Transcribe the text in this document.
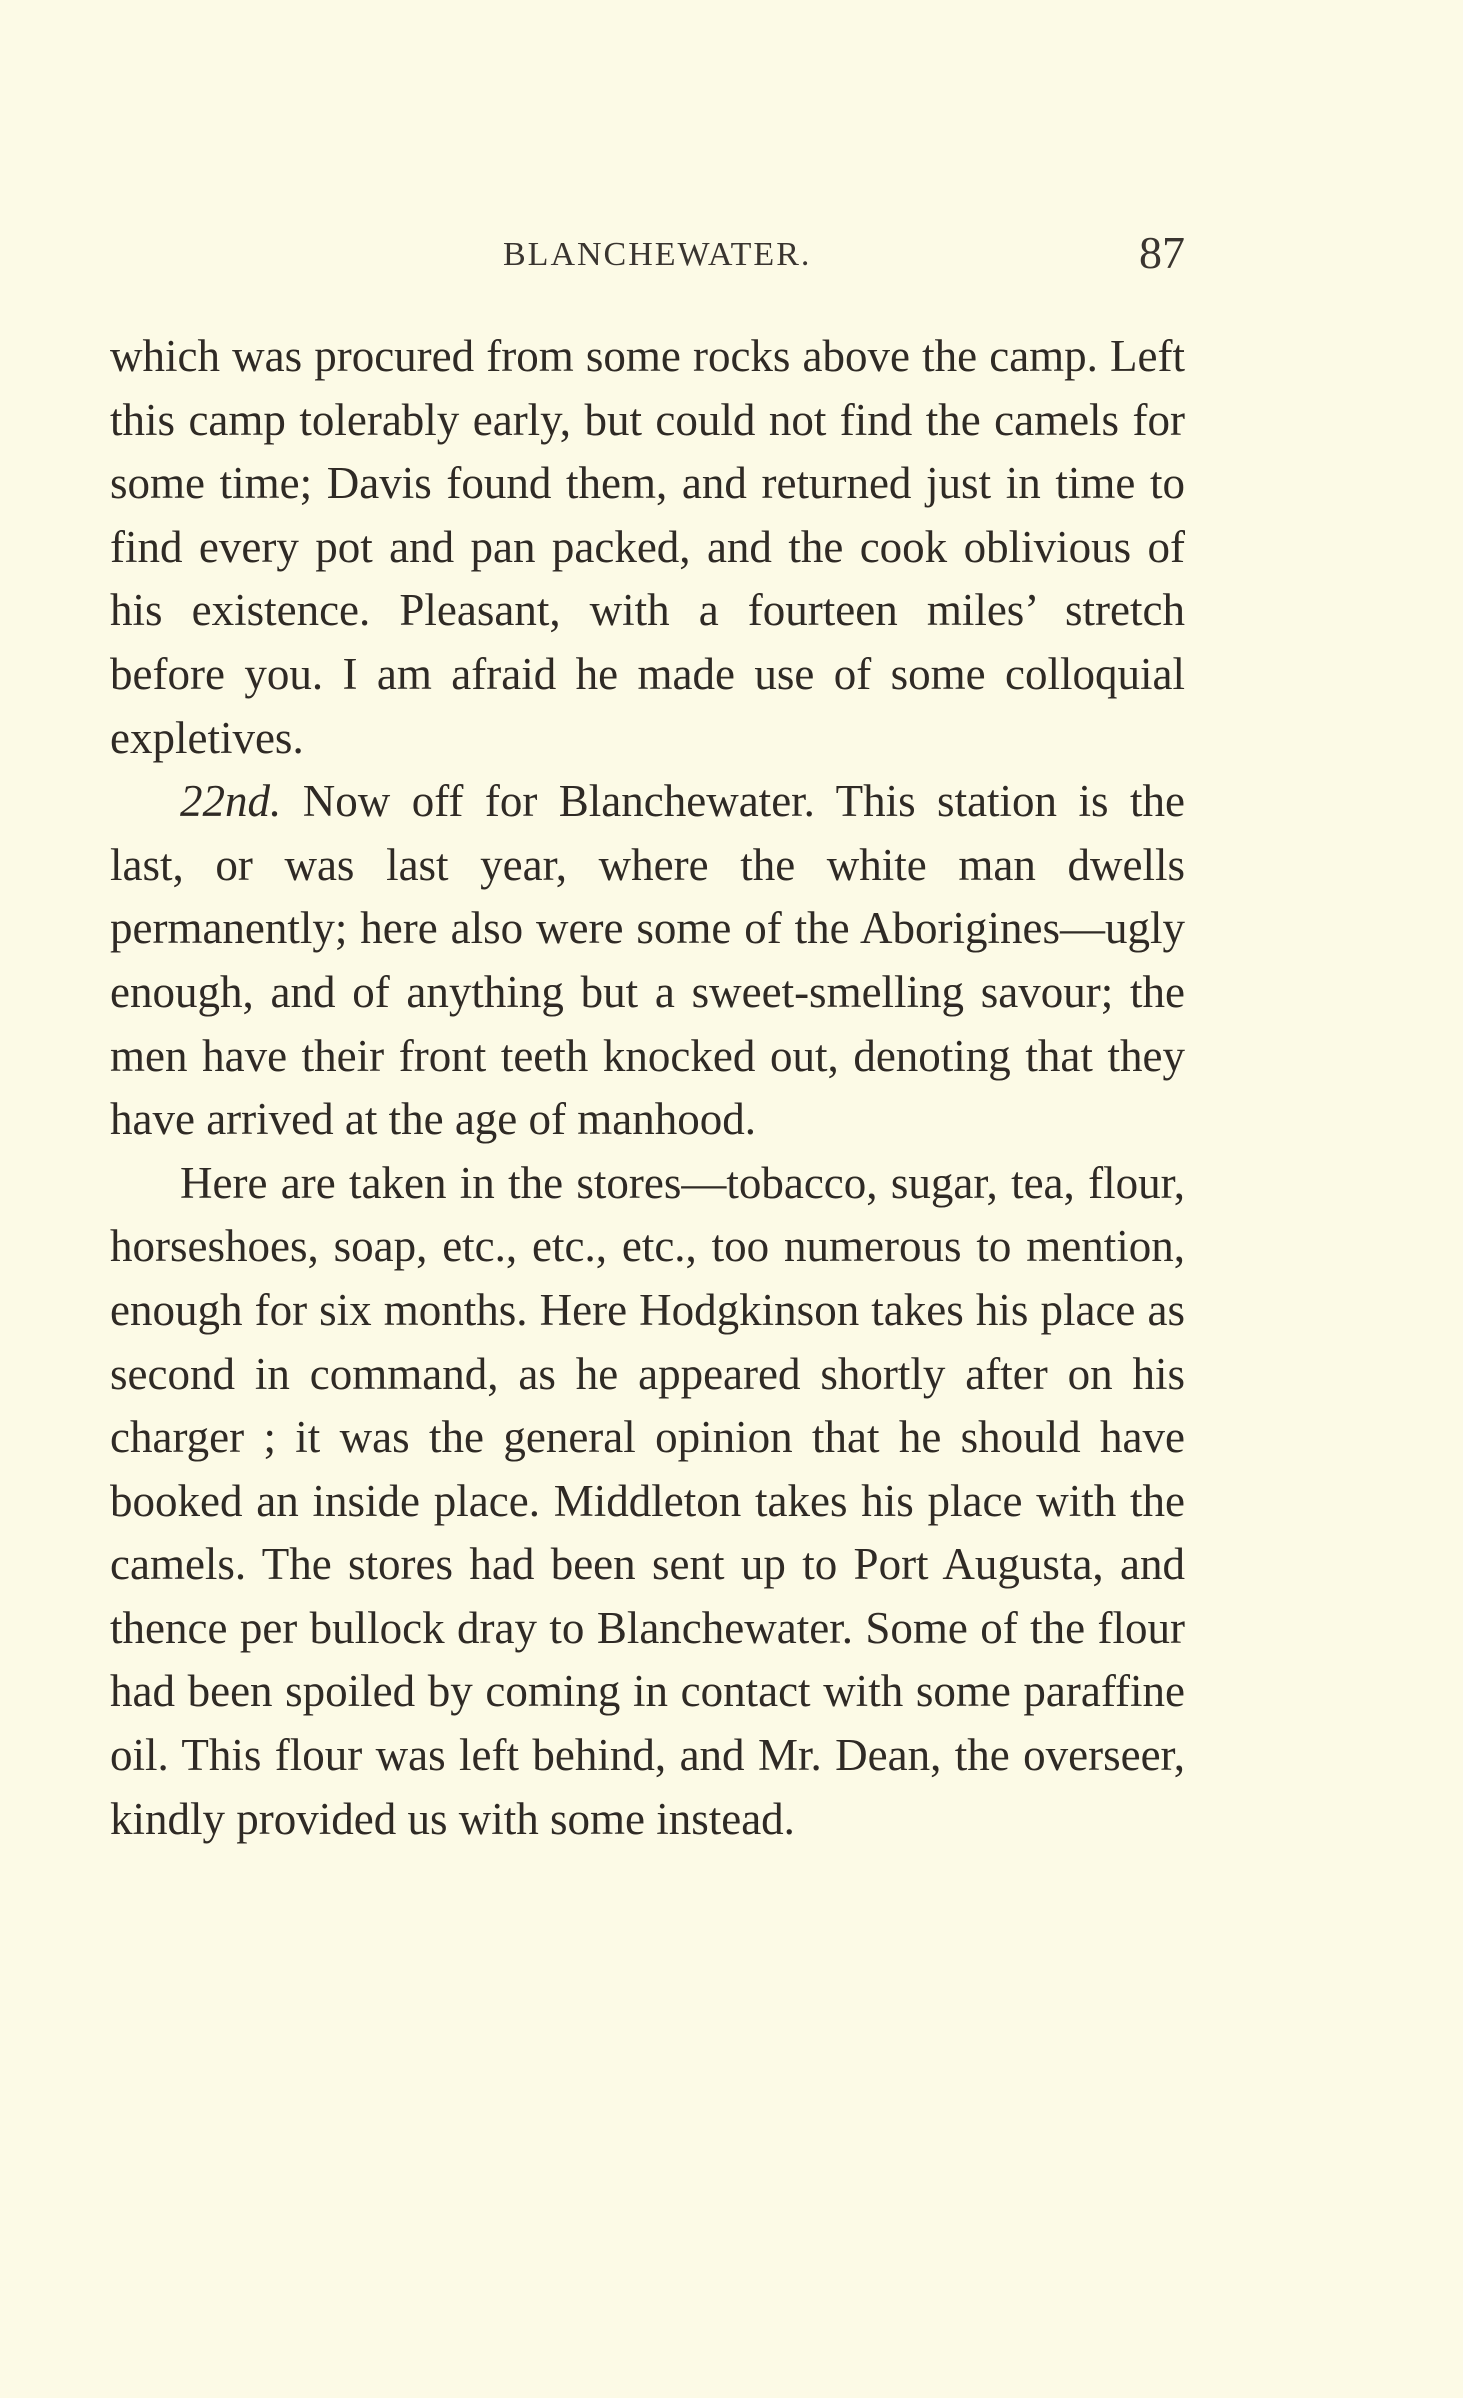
BLANCHEWATER.	87

which was procured from some rocks above the camp. Left this camp tolerably early, but could not find the camels for some time; Davis found them, and returned just in time to find every pot and pan packed, and the cook oblivious of his existence. Pleasant, with a fourteen miles’ stretch before you. I am afraid he made use of some colloquial expletives.

22nd. Now off for Blanchewater. This station is the last, or was last year, where the white man dwells permanently; here also were some of the Aborigines—ugly enough, and of anything but a sweet-smelling savour; the men have their front teeth knocked out, denoting that they have arrived at the age of manhood.

Here are taken in the stores—tobacco, sugar, tea, flour, horseshoes, soap, etc., etc., etc., too numerous to mention, enough for six months. Here Hodgkinson takes his place as second in command, as he appeared shortly after on his charger ; it was the general opinion that he should have booked an inside place. Middleton takes his place with the camels. The stores had been sent up to Port Augusta, and thence per bullock dray to Blanchewater. Some of the flour had been spoiled by coming in contact with some paraffine oil. This flour was left behind, and Mr. Dean, the overseer, kindly provided us with some instead.
